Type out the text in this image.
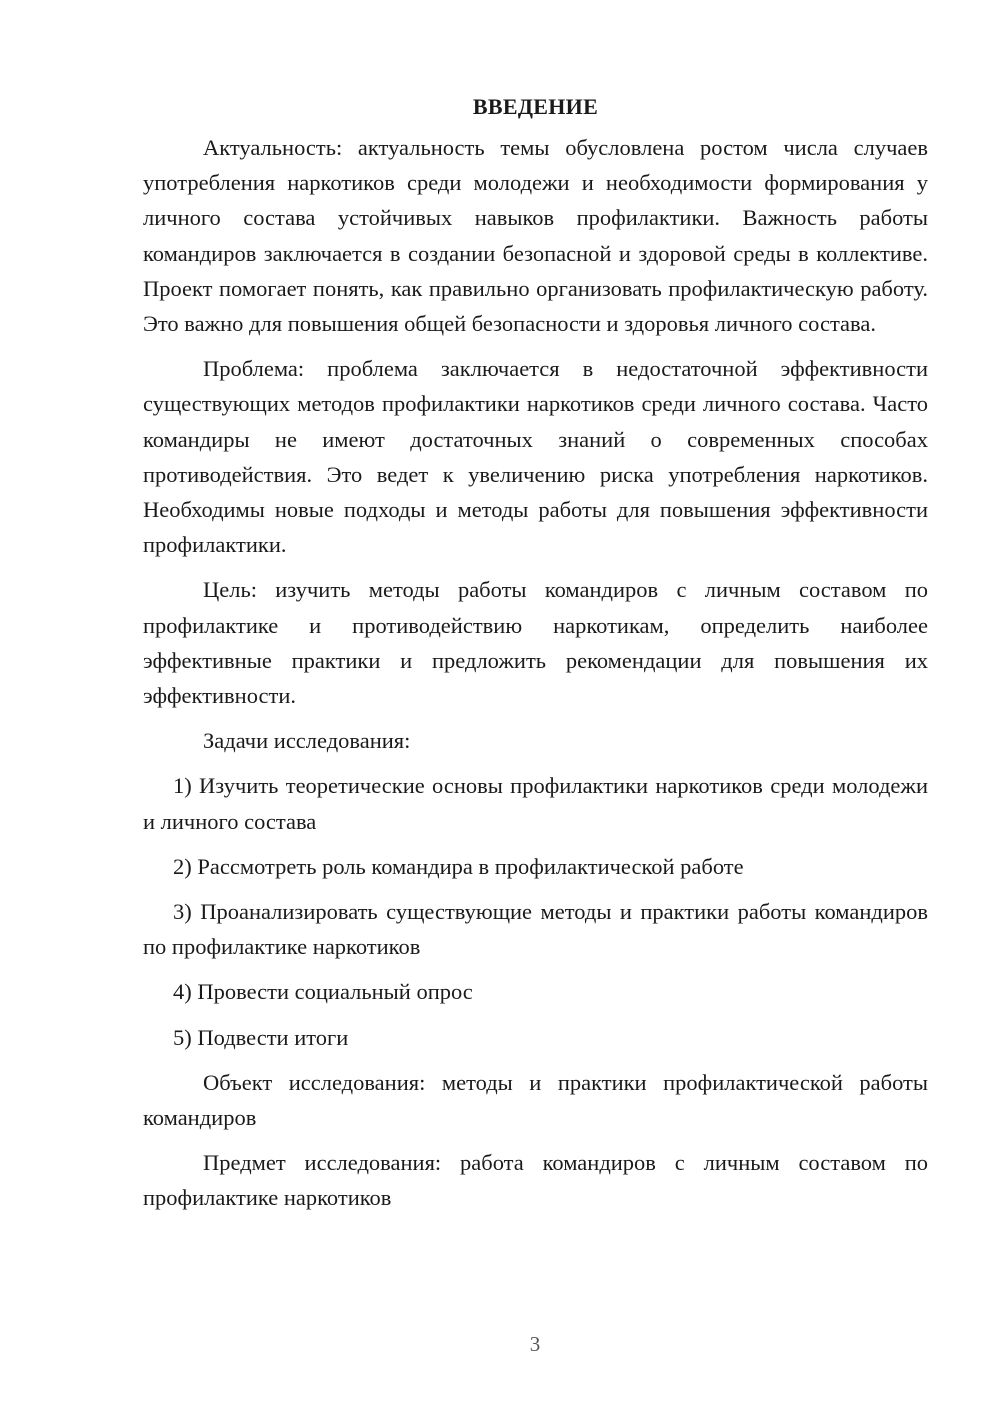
ВВЕДЕНИЕ

Актуальность: актуальность темы обусловлена ростом числа случаев употребления наркотиков среди молодежи и необходимости формирования у личного состава устойчивых навыков профилактики. Важность работы командиров заключается в создании безопасной и здоровой среды в коллективе. Проект помогает понять, как правильно организовать профилактическую работу. Это важно для повышения общей безопасности и здоровья личного состава.

Проблема: проблема заключается в недостаточной эффективности существующих методов профилактики наркотиков среди личного состава. Часто командиры не имеют достаточных знаний о современных способах противодействия. Это ведет к увеличению риска употребления наркотиков. Необходимы новые подходы и методы работы для повышения эффективности профилактики.

Цель: изучить методы работы командиров с личным составом по профилактике и противодействию наркотикам, определить наиболее эффективные практики и предложить рекомендации для повышения их эффективности.

Задачи исследования:

1) Изучить теоретические основы профилактики наркотиков среди молодежи и личного состава

2) Рассмотреть роль командира в профилактической работе

3) Проанализировать существующие методы и практики работы командиров по профилактике наркотиков

4) Провести социальный опрос

5) Подвести итоги

Объект исследования: методы и практики профилактической работы командиров

Предмет исследования: работа командиров с личным составом по профилактике наркотиков

3
